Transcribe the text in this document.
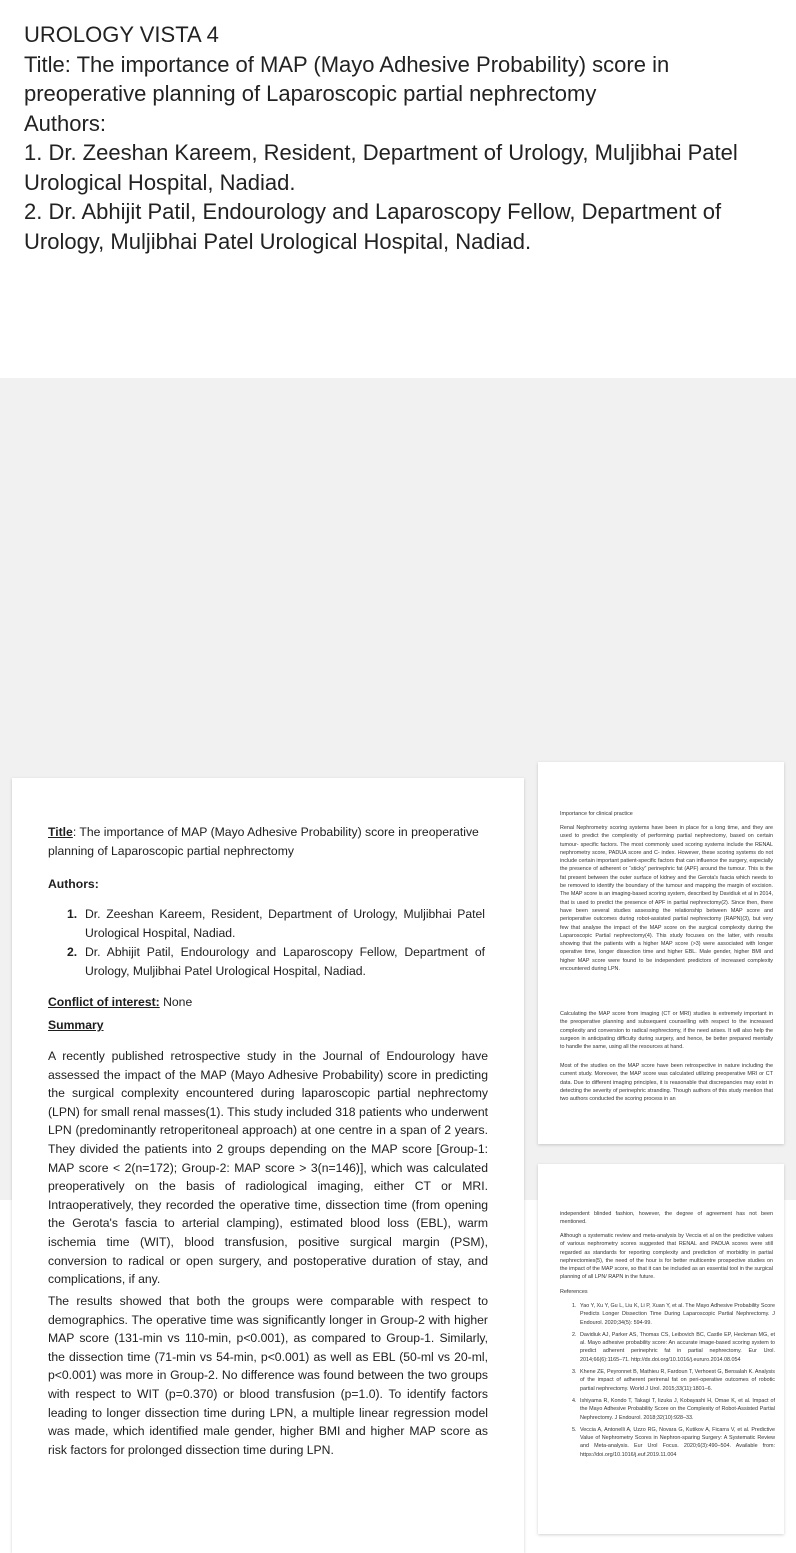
UROLOGY VISTA 4

Title: The importance of MAP (Mayo Adhesive Probability) score in preoperative planning of Laparoscopic partial nephrectomy

Authors:

1. Dr. Zeeshan Kareem, Resident, Department of Urology, Muljibhai Patel Urological Hospital, Nadiad.

2. Dr. Abhijit Patil, Endourology and Laparoscopy Fellow, Department of Urology, Muljibhai Patel Urological Hospital, Nadiad.

Title: The importance of MAP (Mayo Adhesive Probability) score in preoperative planning of Laparoscopic partial nephrectomy
Authors:
1. Dr. Zeeshan Kareem, Resident, Department of Urology, Muljibhai Patel Urological Hospital, Nadiad.
2. Dr. Abhijit Patil, Endourology and Laparoscopy Fellow, Department of Urology, Muljibhai Patel Urological Hospital, Nadiad.
Conflict of interest: None
Summary
A recently published retrospective study in the Journal of Endourology have assessed the impact of the MAP (Mayo Adhesive Probability) score in predicting the surgical complexity encountered during laparoscopic partial nephrectomy (LPN) for small renal masses(1). This study included 318 patients who underwent LPN (predominantly retroperitoneal approach) at one centre in a span of 2 years. They divided the patients into 2 groups depending on the MAP score [Group-1: MAP score < 2(n=172); Group-2: MAP score > 3(n=146)], which was calculated preoperatively on the basis of radiological imaging, either CT or MRI. Intraoperatively, they recorded the operative time, dissection time (from opening the Gerota's fascia to arterial clamping), estimated blood loss (EBL), warm ischemia time (WIT), blood transfusion, positive surgical margin (PSM), conversion to radical or open surgery, and postoperative duration of stay, and complications, if any.
The results showed that both the groups were comparable with respect to demographics. The operative time was significantly longer in Group-2 with higher MAP score (131-min vs 110-min, p<0.001), as compared to Group-1. Similarly, the dissection time (71-min vs 54-min, p<0.001) as well as EBL (50-ml vs 20-ml, p<0.001) was more in Group-2. No difference was found between the two groups with respect to WIT (p=0.370) or blood transfusion (p=1.0). To identify factors leading to longer dissection time during LPN, a multiple linear regression model was made, which identified male gender, higher BMI and higher MAP score as risk factors for prolonged dissection time during LPN.
Importance for clinical practice
Renal Nephrometry scoring systems have been in place for a long time, and they are used to predict the complexity of performing partial nephrectomy, based on certain tumour- specific factors. The most commonly used scoring systems include the RENAL nephrometry score, PADUA score and C- index. However, these scoring systems do not include certain important patient-specific factors that can influence the surgery, especially the presence of adherent or “sticky” perinephric fat (APF) around the tumour. This is the fat present between the outer surface of kidney and the Gerota's fascia which needs to be removed to identify the boundary of the tumour and mapping the margin of excision. The MAP score is an imaging-based scoring system, described by Davidiuk et al in 2014, that is used to predict the presence of APF in partial nephrectomy(2). Since then, there have been several studies assessing the relationship between MAP score and perioperative outcomes during robot-assisted partial nephrectomy (RAPN)(3), but very few that analyse the impact of the MAP score on the surgical complexity during the Laparoscopic Partial nephrectomy(4). This study focuses on the latter, with results showing that the patients with a higher MAP score (>3) were associated with longer operative time, longer dissection time and higher EBL. Male gender, higher BMI and higher MAP score were found to be independent predictors of increased complexity encountered during LPN.
Calculating the MAP score from imaging (CT or MRI) studies is extremely important in the preoperative planning and subsequent counselling with respect to the increased complexity and conversion to radical nephrectomy, if the need arises. It will also help the surgeon in anticipating difficulty during surgery, and hence, be better prepared mentally to handle the same, using all the resources at hand.
Most of the studies on the MAP score have been retrospective in nature including the current study. Moreover, the MAP score was calculated utilizing preoperative MRI or CT data. Due to different imaging principles, it is reasonable that discrepancies may exist in detecting the severity of perinephric stranding. Though authors of this study mention that two authors conducted the scoring process in an
independent blinded fashion, however, the degree of agreement has not been mentioned.
Although a systematic review and meta-analysis by Veccia et al on the predictive values of various nephrometry scores suggested that RENAL and PADUA scores were still regarded as standards for reporting complexity and prediction of morbidity in partial nephrectomies(5), the need of the hour is for better multicentre prospective studies on the impact of the MAP score, so that it can be included as an essential tool in the surgical planning of all LPN/ RAPN in the future.
References
1. Yao Y, Xu Y, Gu L, Liu K, Li P, Xuan Y, et al. The Mayo Adhesive Probability Score Predicts Longer Dissection Time During Laparoscopic Partial Nephrectomy. J Endourol. 2020;34(5): 594-99.
2. Davidiuk AJ, Parker AS, Thomas CS, Leibovich BC, Castle EP, Heckman MG, et al. Mayo adhesive probability score: An accurate image-based scoring system to predict adherent perinephric fat in partial nephrectomy. Eur Urol. 2014;66(6):1165–71. http://dx.doi.org/10.1016/j.eururo.2014.08.054
3. Khene ZE, Peyronnet B, Mathieu R, Fardoun T, Verhoest G, Bensalah K. Analysis of the impact of adherent perirenal fat on peri-operative outcomes of robotic partial nephrectomy. World J Urol. 2015;33(11):1801–6.
4. Ishiyama R, Kondo T, Takagi T, Iizuka J, Kobayashi H, Omae K, et al. Impact of the Mayo Adhesive Probability Score on the Complexity of Robot-Assisted Partial Nephrectomy. J Endourol. 2018;32(10):928–33.
5. Veccia A, Antonelli A, Uzzo RG, Novara G, Kutikov A, Ficarra V, et al. Predictive Value of Nephrometry Scores in Nephron-sparing Surgery: A Systematic Review and Meta-analysis. Eur Urol Focus. 2020;6(3):490–504. Available from: https://doi.org/10.1016/j.euf.2019.11.004
